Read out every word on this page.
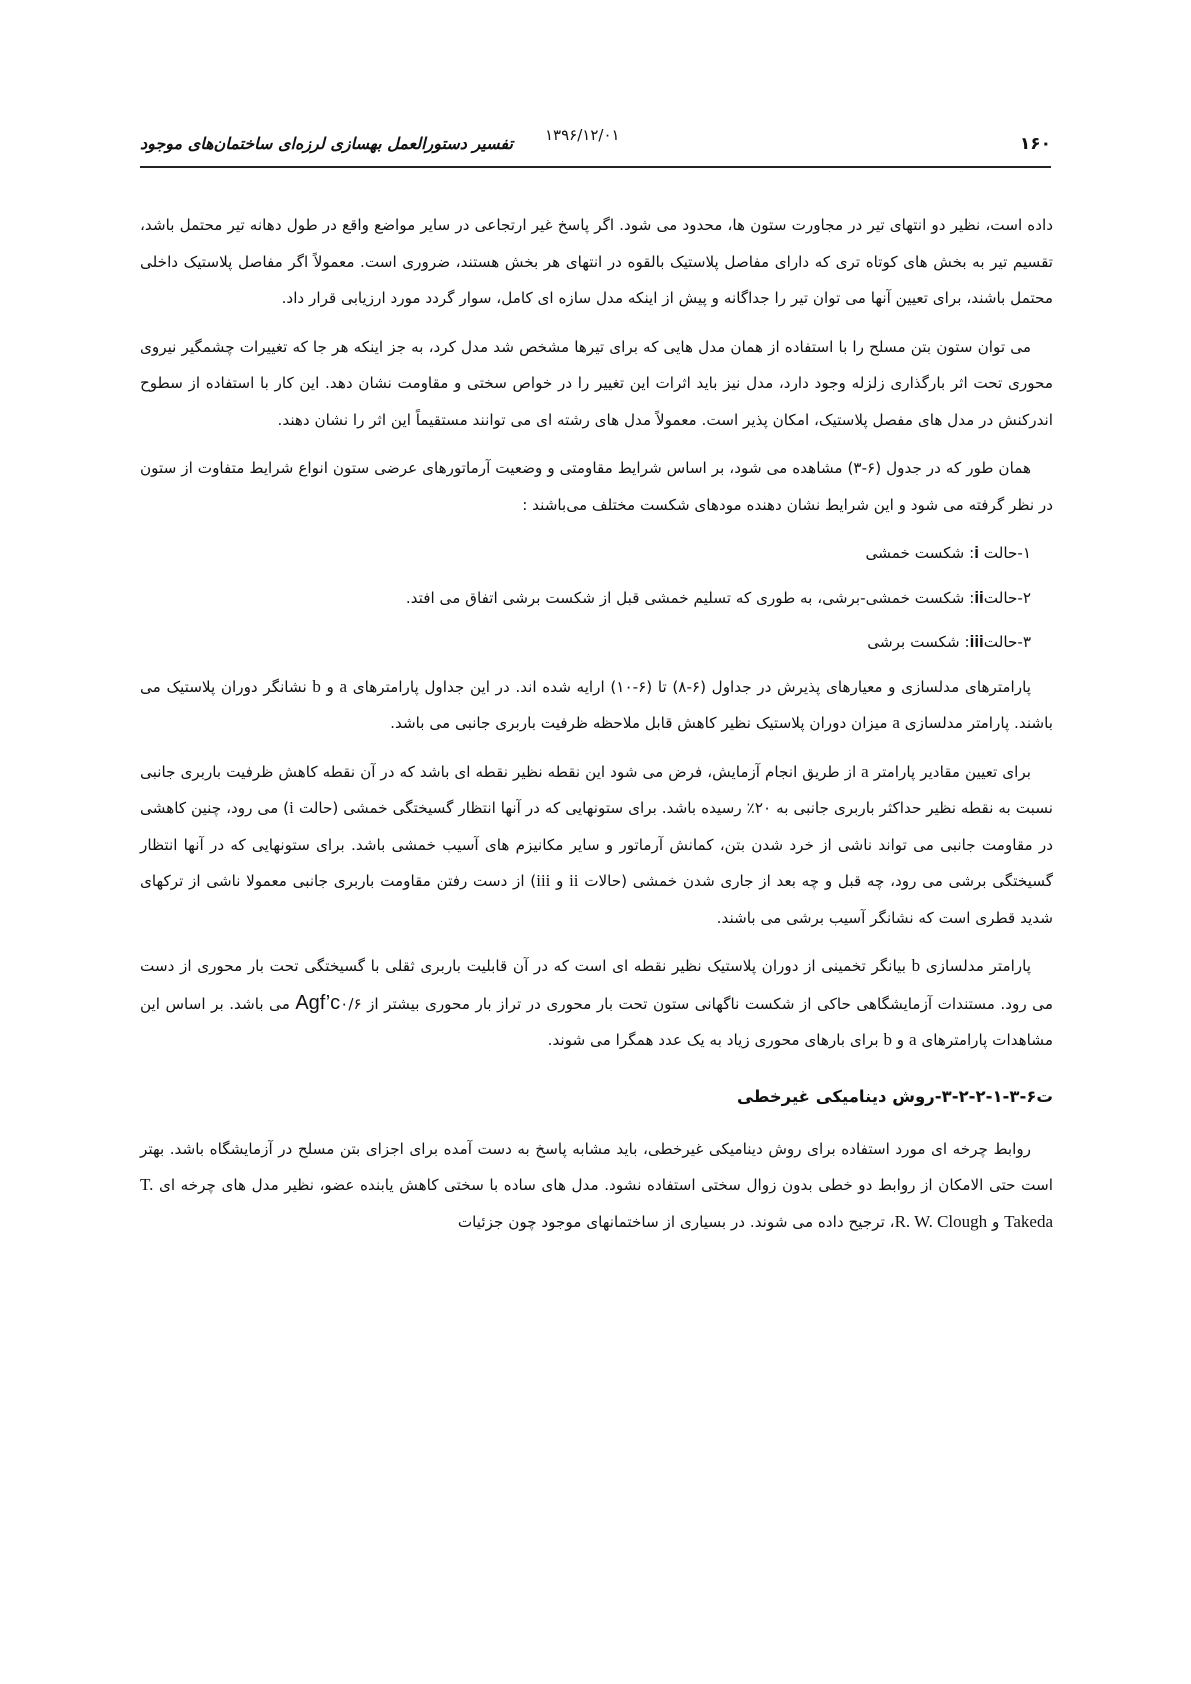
۱۶۰
۱۳۹۶/۱۲/۰۱
تفسیر دستورالعمل بهسازی لرزه‌ای ساختمان‌های موجود

داده است، نظیر دو انتهای تیر در مجاورت ستون ها، محدود می شود. اگر پاسخ غیر ارتجاعی در سایر مواضع واقع در طول دهانه تیر محتمل باشد، تقسیم تیر به بخش های کوتاه تری که دارای مفاصل پلاستیک بالقوه در انتهای هر بخش هستند، ضروری است. معمولاً اگر مفاصل پلاستیک داخلی محتمل باشند، برای تعیین آنها می توان تیر را جداگانه و پیش از اینکه مدل سازه ای کامل، سوار گردد مورد ارزیابی قرار داد.

می توان ستون بتن مسلح را با استفاده از همان مدل هایی که برای تیرها مشخص شد مدل کرد، به جز اینکه هر جا که تغییرات چشمگیر نیروی محوری تحت اثر بارگذاری زلزله وجود دارد، مدل نیز باید اثرات این تغییر را در خواص سختی و مقاومت نشان دهد. این کار با استفاده از سطوح اندرکنش در مدل های مفصل پلاستیک، امکان پذیر است. معمولاً مدل های رشته ای می توانند مستقیماً این اثر را نشان دهند.

همان طور که در جدول (۶-۳) مشاهده می شود، بر اساس شرایط مقاومتی و وضعیت آرماتورهای عرضی ستون انواع شرایط متفاوت از ستون در نظر گرفته می شود و این شرایط نشان دهنده مودهای شکست مختلف می‌باشند :

۱-حالت i: شکست خمشی
۲-حالتii: شکست خمشی-برشی، به طوری که تسلیم خمشی قبل از شکست برشی اتفاق می افتد.
۳-حالتiii: شکست برشی

پارامترهای مدلسازی و معیارهای پذیرش در جداول (۶-۸) تا (۶-۱۰) ارایه شده اند. در این جداول پارامترهای a و b نشانگر دوران پلاستیک می باشند. پارامتر مدلسازی a میزان دوران پلاستیک نظیر کاهش قابل ملاحظه ظرفیت باربری جانبی می باشد.

برای تعیین مقادیر پارامتر a از طریق انجام آزمایش، فرض می شود این نقطه نظیر نقطه ای باشد که در آن نقطه کاهش ظرفیت باربری جانبی نسبت به نقطه نظیر حداکثر باربری جانبی به ۲۰٪ رسیده باشد. برای ستونهایی که در آنها انتظار گسیختگی خمشی (حالت i) می رود، چنین کاهشی در مقاومت جانبی می تواند ناشی از خرد شدن بتن، کمانش آرماتور و سایر مکانیزم های آسیب خمشی باشد. برای ستونهایی که در آنها انتظار گسیختگی برشی می رود، چه قبل و چه بعد از جاری شدن خمشی (حالات ii و iii) از دست رفتن مقاومت باربری جانبی معمولا ناشی از ترکهای شدید قطری است که نشانگر آسیب برشی می باشند.

پارامتر مدلسازی b بیانگر تخمینی از دوران پلاستیک نظیر نقطه ای است که در آن قابلیت باربری ثقلی با گسیختگی تحت بار محوری از دست می رود. مستندات آزمایشگاهی حاکی از شکست ناگهانی ستون تحت بار محوری در تراز بار محوری بیشتر از ۰/۶Agf’c می باشد. بر اساس این مشاهدات پارامترهای a و b برای بارهای محوری زیاد به یک عدد همگرا می شوند.

ت۶-۳-۱-۲-۲-۳-روش دینامیکی غیرخطی

روابط چرخه ای مورد استفاده برای روش دینامیکی غیرخطی، باید مشابه پاسخ به دست آمده برای اجزای بتن مسلح در آزمایشگاه باشد. بهتر است حتی الامکان از روابط دو خطی بدون زوال سختی استفاده نشود. مدل های ساده با سختی کاهش یابنده عضو، نظیر مدل های چرخه ای T. Takeda و R. W. Clough، ترجیح داده می شوند. در بسیاری از ساختمانهای موجود چون جزئیات
